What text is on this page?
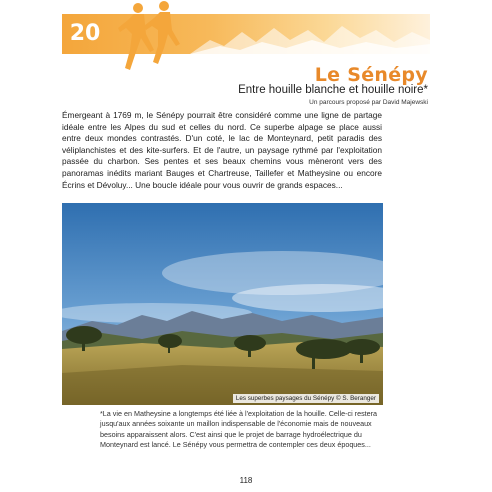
20
Le Sénépy
Entre houille blanche et houille noire*
Un parcours proposé par David Majewski

Émergeant à 1769 m, le Sénépy pourrait être considéré comme une ligne de partage idéale entre les Alpes du sud et celles du nord. Ce superbe alpage se place aussi entre deux mondes contrastés. D'un coté, le lac de Monteynard, petit paradis des véliplanchistes et des kite-surfers. Et de l'autre, un paysage rythmé par l'exploitation passée du charbon. Ses pentes et ses beaux chemins vous mèneront vers des panoramas inédits mariant Bauges et Chartreuse, Taillefer et Matheysine ou encore Écrins et Dévoluy... Une boucle idéale pour vous ouvrir de grands espaces...

Les superbes paysages du Sénépy © S. Beranger

*La vie en Matheysine a longtemps été liée à l'exploitation de la houille. Celle-ci restera jusqu'aux années soixante un maillon indispensable de l'économie mais de nouveaux besoins apparaissent alors. C'est ainsi que le projet de barrage hydroélectrique du Monteynard est lancé. Le Sénépy vous permettra de contempler ces deux époques...

118
